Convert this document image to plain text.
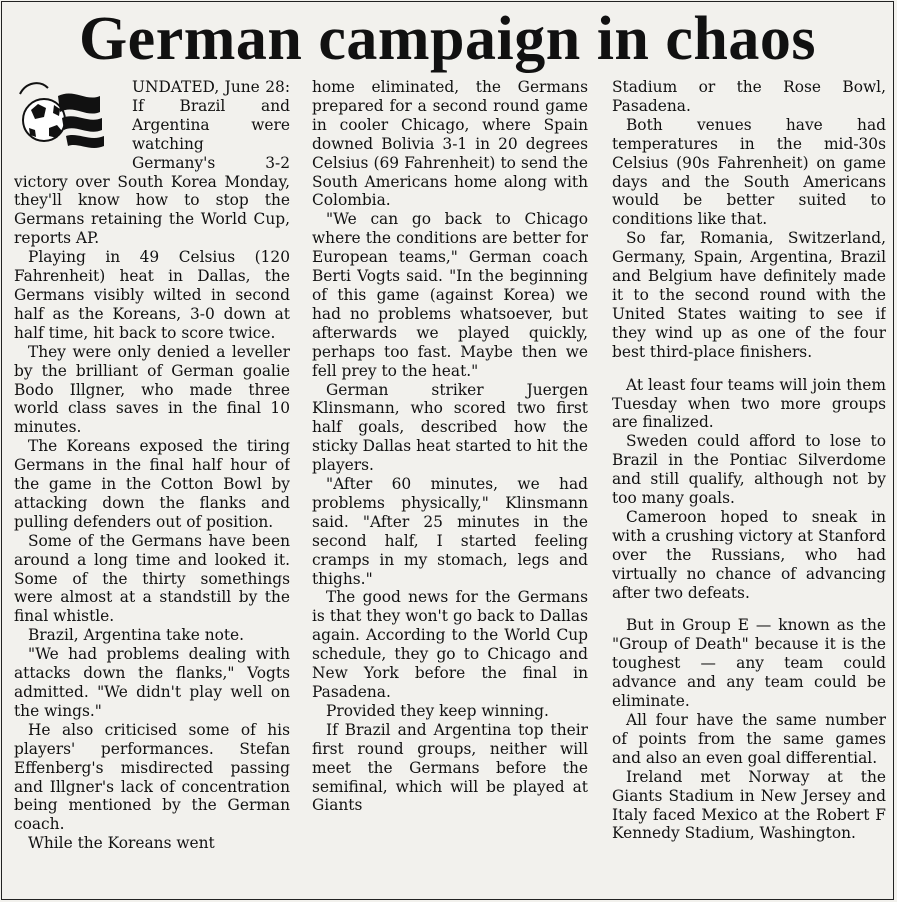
German campaign in chaos

UNDATED, June 28: If Brazil and Argentina were watching Germany's 3-2 victory over South Korea Monday, they'll know how to stop the Germans retaining the World Cup, reports AP.

Playing in 49 Celsius (120 Fahrenheit) heat in Dallas, the Germans visibly wilted in second half as the Koreans, 3-0 down at half time, hit back to score twice.

They were only denied a leveller by the brilliant of German goalie Bodo Illgner, who made three world class saves in the final 10 minutes.

The Koreans exposed the tiring Germans in the final half hour of the game in the Cotton Bowl by attacking down the flanks and pulling defenders out of position.

Some of the Germans have been around a long time and looked it. Some of the thirty somethings were almost at a standstill by the final whistle.

Brazil, Argentina take note.

"We had problems dealing with attacks down the flanks," Vogts admitted. "We didn't play well on the wings."

He also criticised some of his players' performances. Stefan Effenberg's misdirected passing and Illgner's lack of concentration being mentioned by the German coach.

While the Koreans went

home eliminated, the Germans prepared for a second round game in cooler Chicago, where Spain downed Bolivia 3-1 in 20 degrees Celsius (69 Fahrenheit) to send the South Americans home along with Colombia.

"We can go back to Chicago where the conditions are better for European teams," German coach Berti Vogts said. "In the beginning of this game (against Korea) we had no problems whatsoever, but afterwards we played quickly, perhaps too fast. Maybe then we fell prey to the heat."

German striker Juergen Klinsmann, who scored two first half goals, described how the sticky Dallas heat started to hit the players.

"After 60 minutes, we had problems physically," Klinsmann said. "After 25 minutes in the second half, I started feeling cramps in my stomach, legs and thighs."

The good news for the Germans is that they won't go back to Dallas again. According to the World Cup schedule, they go to Chicago and New York before the final in Pasadena.

Provided they keep winning.

If Brazil and Argentina top their first round groups, neither will meet the Germans before the semifinal, which will be played at Giants

Stadium or the Rose Bowl, Pasadena.

Both venues have had temperatures in the mid-30s Celsius (90s Fahrenheit) on game days and the South Americans would be better suited to conditions like that.

So far, Romania, Switzerland, Germany, Spain, Argentina, Brazil and Belgium have definitely made it to the second round with the United States waiting to see if they wind up as one of the four best third-place finishers.

At least four teams will join them Tuesday when two more groups are finalized.

Sweden could afford to lose to Brazil in the Pontiac Silverdome and still qualify, although not by too many goals.

Cameroon hoped to sneak in with a crushing victory at Stanford over the Russians, who had virtually no chance of advancing after two defeats.

But in Group E — known as the "Group of Death" because it is the toughest — any team could advance and any team could be eliminate.

All four have the same number of points from the same games and also an even goal differential.

Ireland met Norway at the Giants Stadium in New Jersey and Italy faced Mexico at the Robert F Kennedy Stadium, Washington.
